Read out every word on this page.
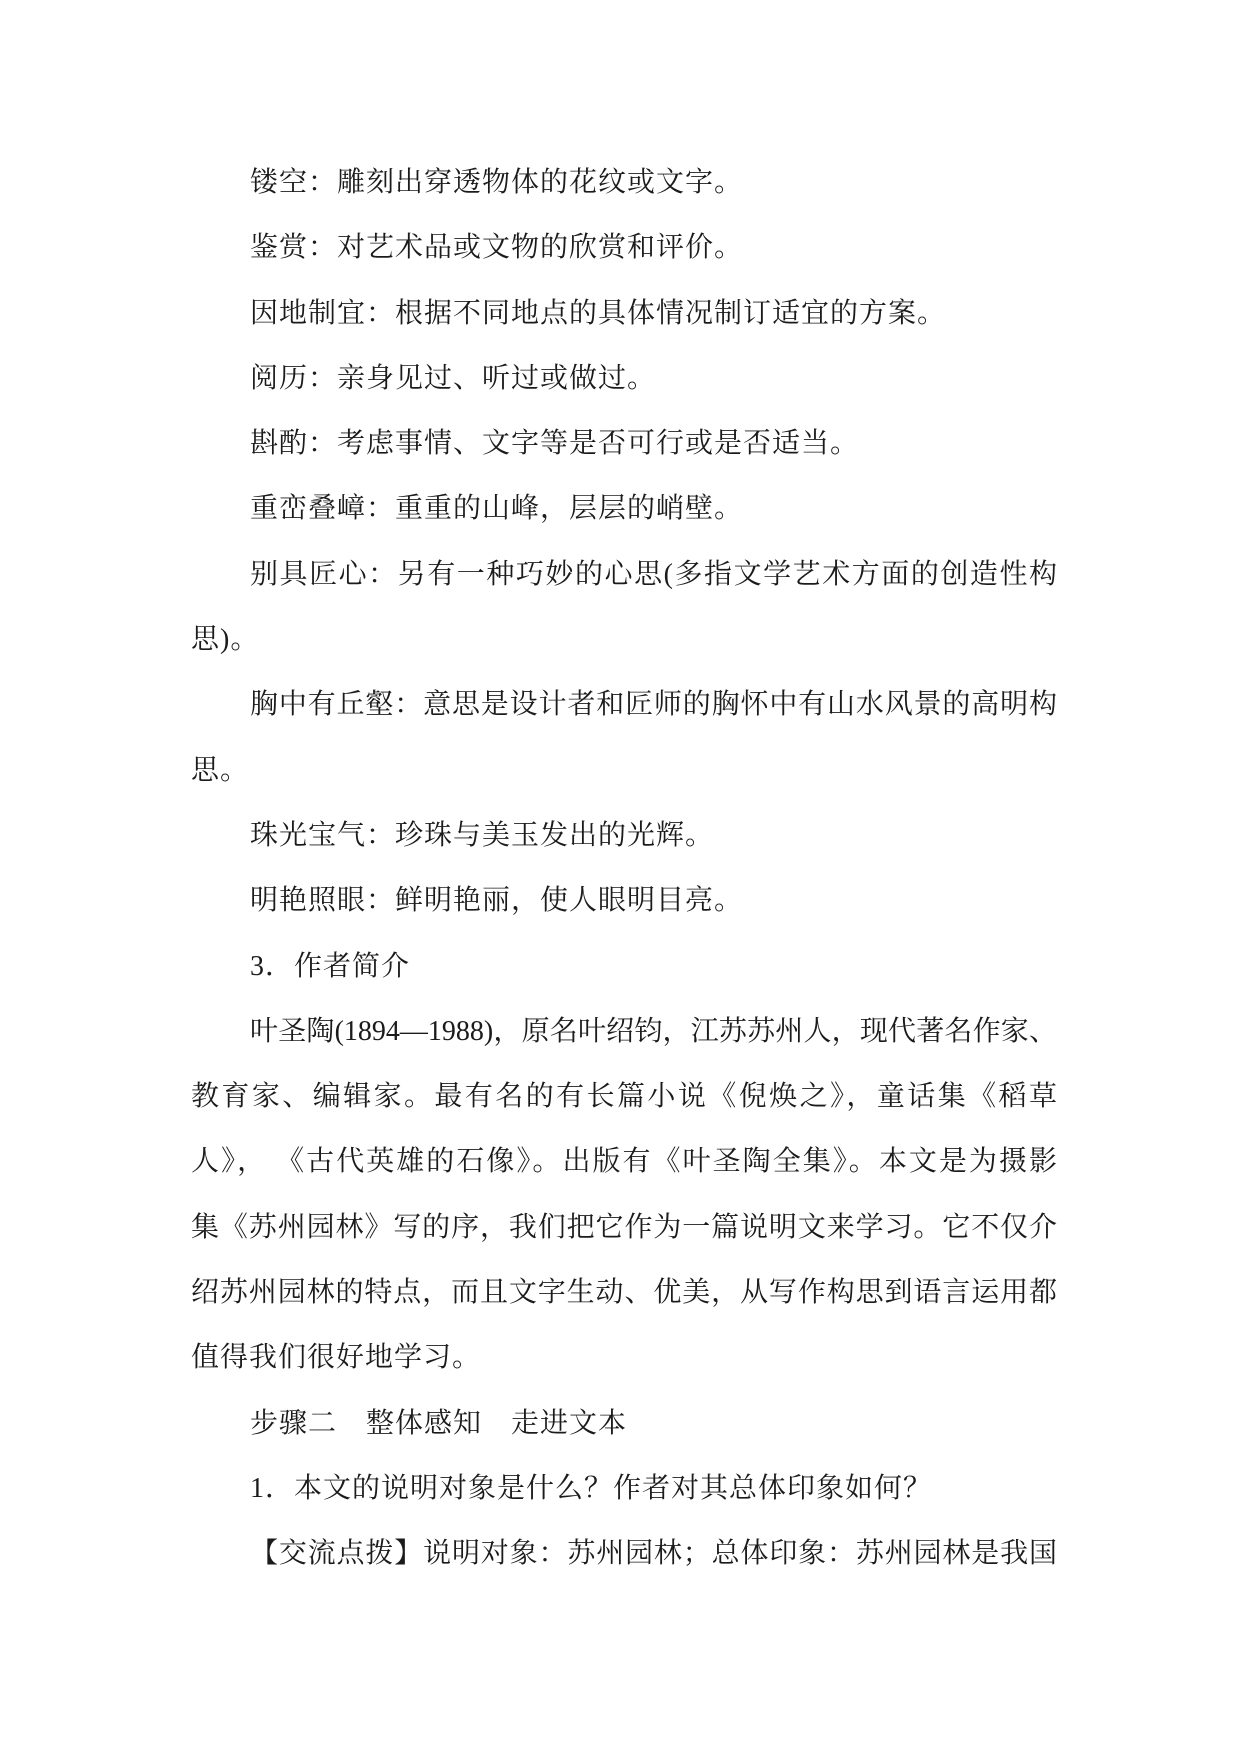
镂空：雕刻出穿透物体的花纹或文字。
鉴赏：对艺术品或文物的欣赏和评价。
因地制宜：根据不同地点的具体情况制订适宜的方案。
阅历：亲身见过、听过或做过。
斟酌：考虑事情、文字等是否可行或是否适当。
重峦叠嶂：重重的山峰，层层的峭壁。
别具匠心：另有一种巧妙的心思(多指文学艺术方面的创造性构
思)。
胸中有丘壑：意思是设计者和匠师的胸怀中有山水风景的高明构
思。
珠光宝气：珍珠与美玉发出的光辉。
明艳照眼：鲜明艳丽，使人眼明目亮。
3．作者简介
叶圣陶(1894—1988)，原名叶绍钧，江苏苏州人，现代著名作家、
教育家、编辑家。最有名的有长篇小说《倪焕之》，童话集《稻草
人》， 《古代英雄的石像》。出版有《叶圣陶全集》。本文是为摄影
集《苏州园林》写的序，我们把它作为一篇说明文来学习。它不仅介
绍苏州园林的特点，而且文字生动、优美，从写作构思到语言运用都
值得我们很好地学习。
步骤二　整体感知　走进文本
1．本文的说明对象是什么？作者对其总体印象如何？
【交流点拨】说明对象：苏州园林；总体印象：苏州园林是我国
